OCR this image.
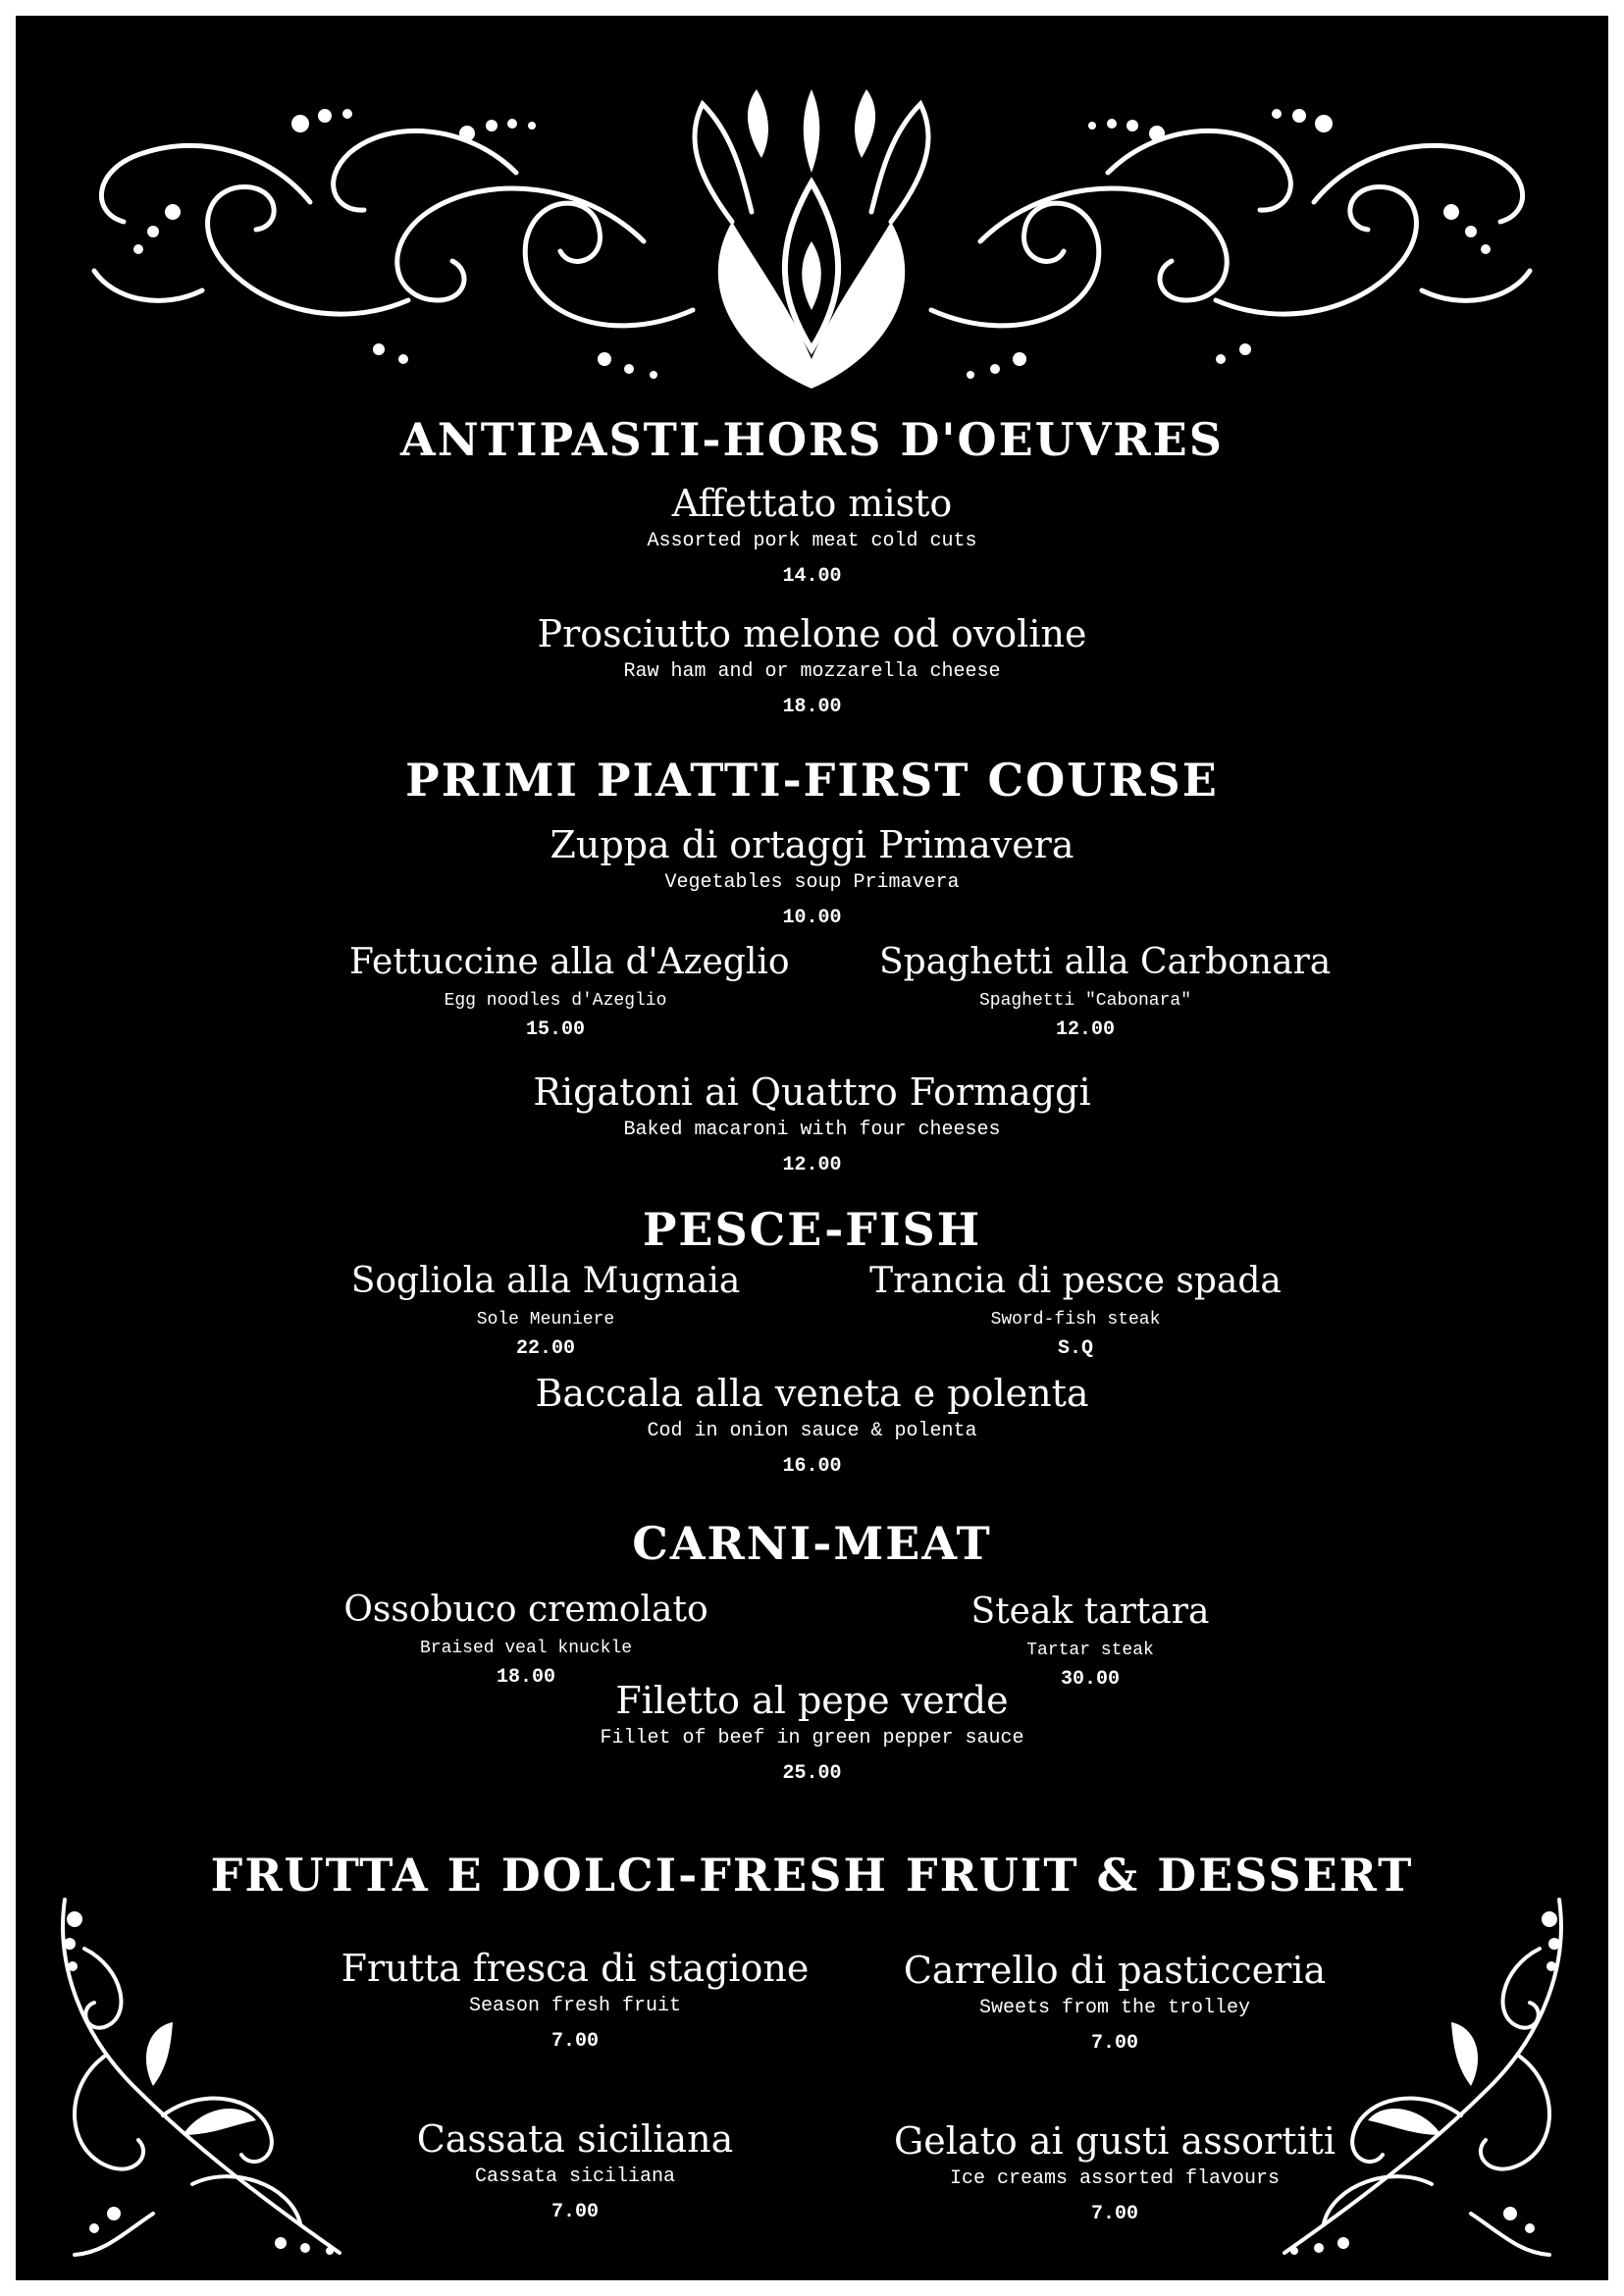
ANTIPASTI-HORS D'OEUVRES
Affettato misto
Assorted pork meat cold cuts
14.00
Prosciutto melone od ovoline
Raw ham and or mozzarella cheese
18.00
PRIMI PIATTI-FIRST COURSE
Zuppa di ortaggi Primavera
Vegetables soup Primavera
10.00
Fettuccine alla d'Azeglio
Egg noodles d'Azeglio
15.00
Spaghetti alla Carbonara
Spaghetti "Cabonara"
12.00
Rigatoni ai Quattro Formaggi
Baked macaroni with four cheeses
12.00
PESCE-FISH
Sogliola alla Mugnaia
Sole Meuniere
22.00
Trancia di pesce spada
Sword-fish steak
S.Q
Baccala alla veneta e polenta
Cod in onion sauce & polenta
16.00
CARNI-MEAT
Ossobuco cremolato
Braised veal knuckle
18.00
Steak tartara
Tartar steak
30.00
Filetto al pepe verde
Fillet of beef in green pepper sauce
25.00
FRUTTA E DOLCI-FRESH FRUIT & DESSERT
Frutta fresca di stagione
Season fresh fruit
7.00
Carrello di pasticceria
Sweets from the trolley
7.00
Cassata siciliana
Cassata siciliana
7.00
Gelato ai gusti assortiti
Ice creams assorted flavours
7.00
